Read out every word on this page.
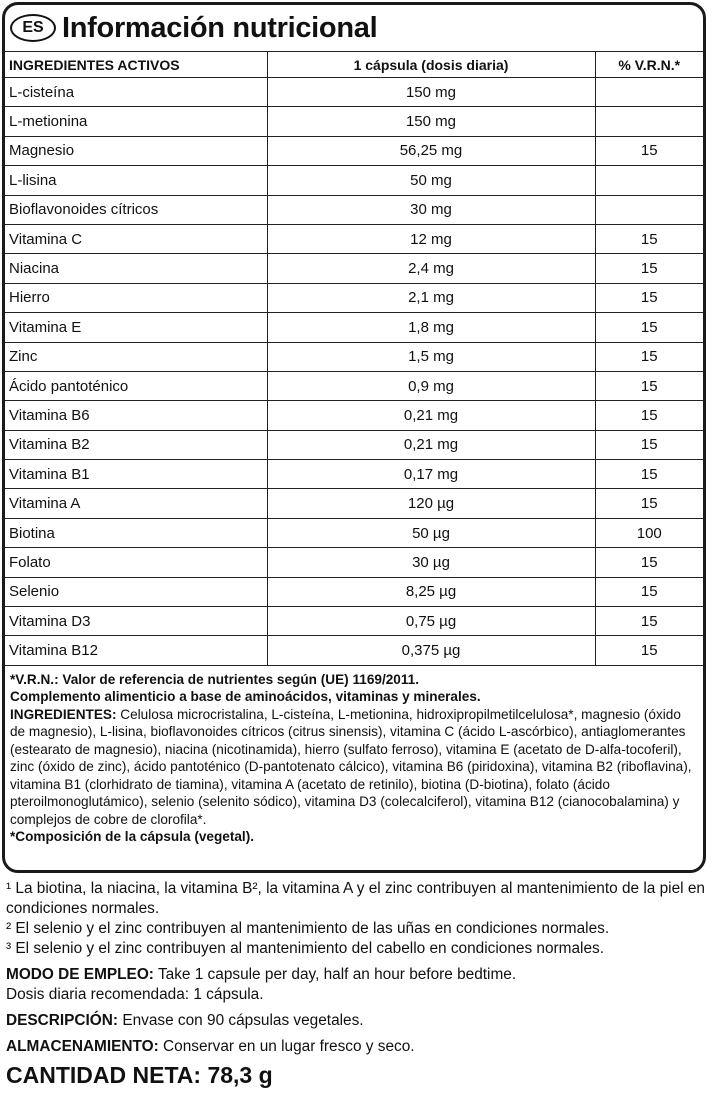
ES Información nutricional
INGREDIENTES ACTIVOS	1 cápsula (dosis diaria)	% V.R.N.*
L-cisteína	150 mg	
L-metionina	150 mg	
Magnesio	56,25 mg	15
L-lisina	50 mg	
Bioflavonoides cítricos	30 mg	
Vitamina C	12 mg	15
Niacina	2,4 mg	15
Hierro	2,1 mg	15
Vitamina E	1,8 mg	15
Zinc	1,5 mg	15
Ácido pantoténico	0,9 mg	15
Vitamina B6	0,21 mg	15
Vitamina B2	0,21 mg	15
Vitamina B1	0,17 mg	15
Vitamina A	120 µg	15
Biotina	50 µg	100
Folato	30 µg	15
Selenio	8,25 µg	15
Vitamina D3	0,75 µg	15
Vitamina B12	0,375 µg	15

*V.R.N.: Valor de referencia de nutrientes según (UE) 1169/2011.

Complemento alimenticio a base de aminoácidos, vitaminas y minerales.

INGREDIENTES: Celulosa microcristalina, L-cisteína, L-metionina, hidroxipropilmetilcelulosa*, magnesio (óxido de magnesio), L-lisina, bioflavonoides cítricos (citrus sinensis), vitamina C (ácido L-ascórbico), antiaglomerantes (estearato de magnesio), niacina (nicotinamida), hierro (sulfato ferroso), vitamina E (acetato de D-alfa-tocoferil), zinc (óxido de zinc), ácido pantoténico (D-pantotenato cálcico), vitamina B6 (piridoxina), vitamina B2 (riboflavina), vitamina B1 (clorhidrato de tiamina), vitamina A (acetato de retinilo), biotina (D-biotina), folato (ácido pteroilmonoglutámico), selenio (selenito sódico), vitamina D3 (colecalciferol), vitamina B12 (cianocobalamina) y complejos de cobre de clorofila*.

*Composición de la cápsula (vegetal).

¹ La biotina, la niacina, la vitamina B², la vitamina A y el zinc contribuyen al mantenimiento de la piel en condiciones normales.

² El selenio y el zinc contribuyen al mantenimiento de las uñas en condiciones normales.

³ El selenio y el zinc contribuyen al mantenimiento del cabello en condiciones normales.

MODO DE EMPLEO: Take 1 capsule per day, half an hour before bedtime.

Dosis diaria recomendada: 1 cápsula.

DESCRIPCIÓN: Envase con 90 cápsulas vegetales.

ALMACENAMIENTO: Conservar en un lugar fresco y seco.

CANTIDAD NETA: 78,3 g
